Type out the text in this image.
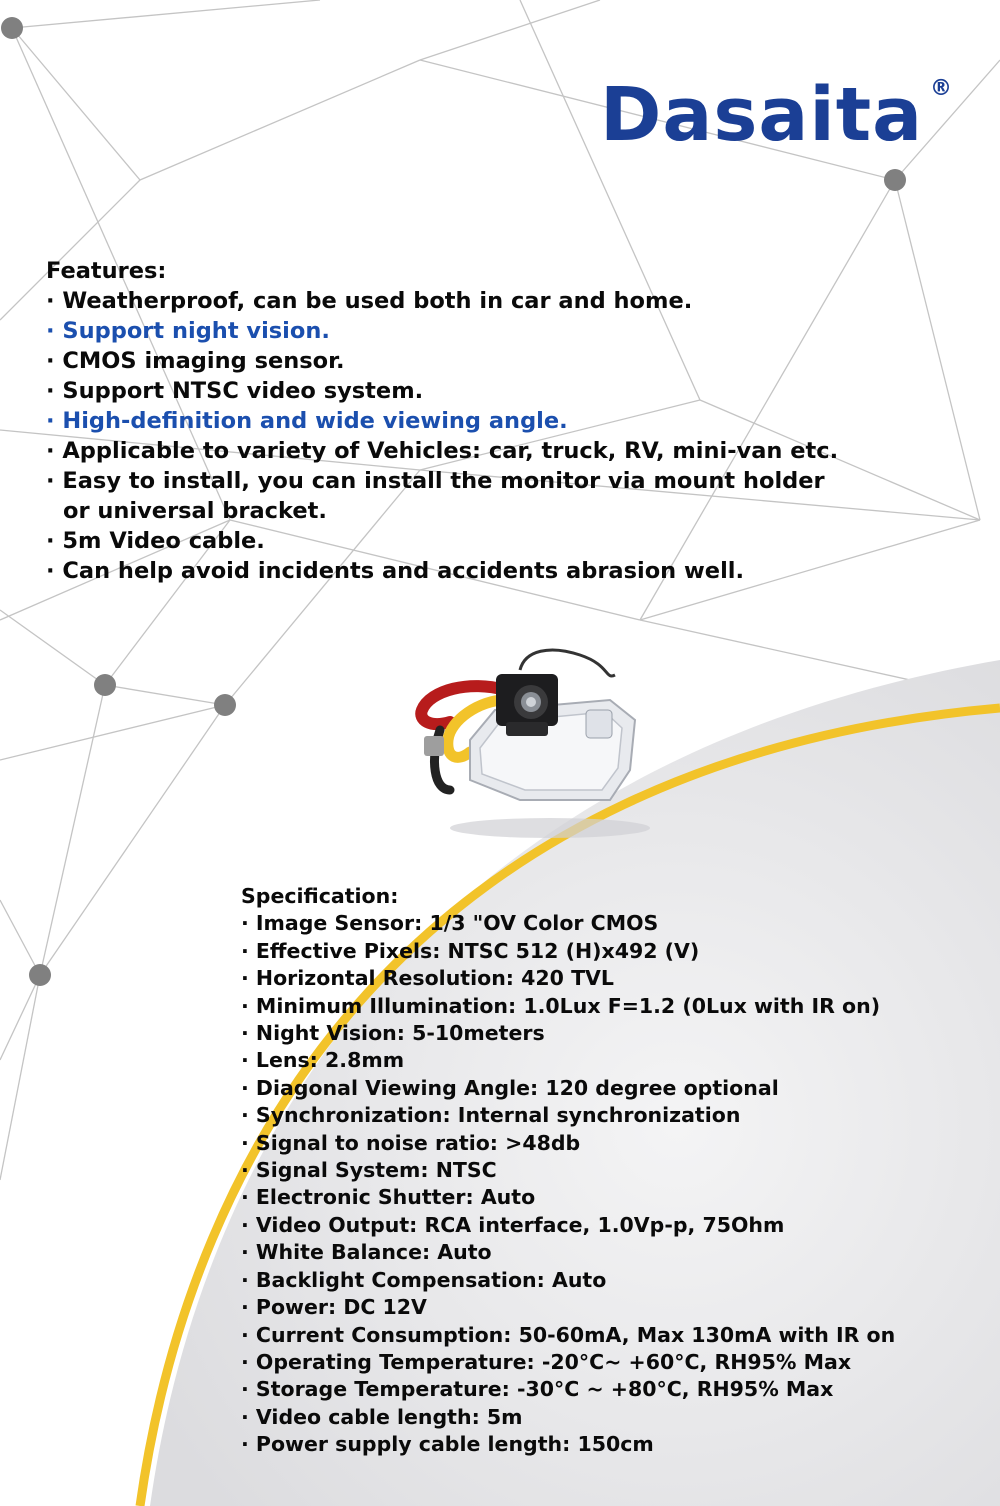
Dasaita ®
Features:
· Weatherproof, can be used both in car and home.
· Support night vision.
· CMOS imaging sensor.
· Support NTSC video system.
· High-definition and wide viewing angle.
· Applicable to variety of Vehicles: car, truck, RV, mini-van etc.
· Easy to install, you can install the monitor via mount holder
or universal bracket.
· 5m Video cable.
· Can help avoid incidents and accidents abrasion well.
Specification:
· Image Sensor: 1/3 "OV Color CMOS
· Effective Pixels: NTSC 512 (H)x492 (V)
· Horizontal Resolution: 420 TVL
· Minimum Illumination: 1.0Lux F=1.2 (0Lux with IR on)
· Night Vision: 5-10meters
· Lens: 2.8mm
· Diagonal Viewing Angle: 120 degree optional
· Synchronization: Internal synchronization
· Signal to noise ratio: >48db
· Signal System: NTSC
· Electronic Shutter: Auto
· Video Output: RCA interface, 1.0Vp-p, 75Ohm
· White Balance: Auto
· Backlight Compensation: Auto
· Power: DC 12V
· Current Consumption: 50-60mA, Max 130mA with IR on
· Operating Temperature: -20°C~ +60°C, RH95% Max
· Storage Temperature: -30°C ~ +80°C, RH95% Max
· Video cable length: 5m
· Power supply cable length: 150cm
